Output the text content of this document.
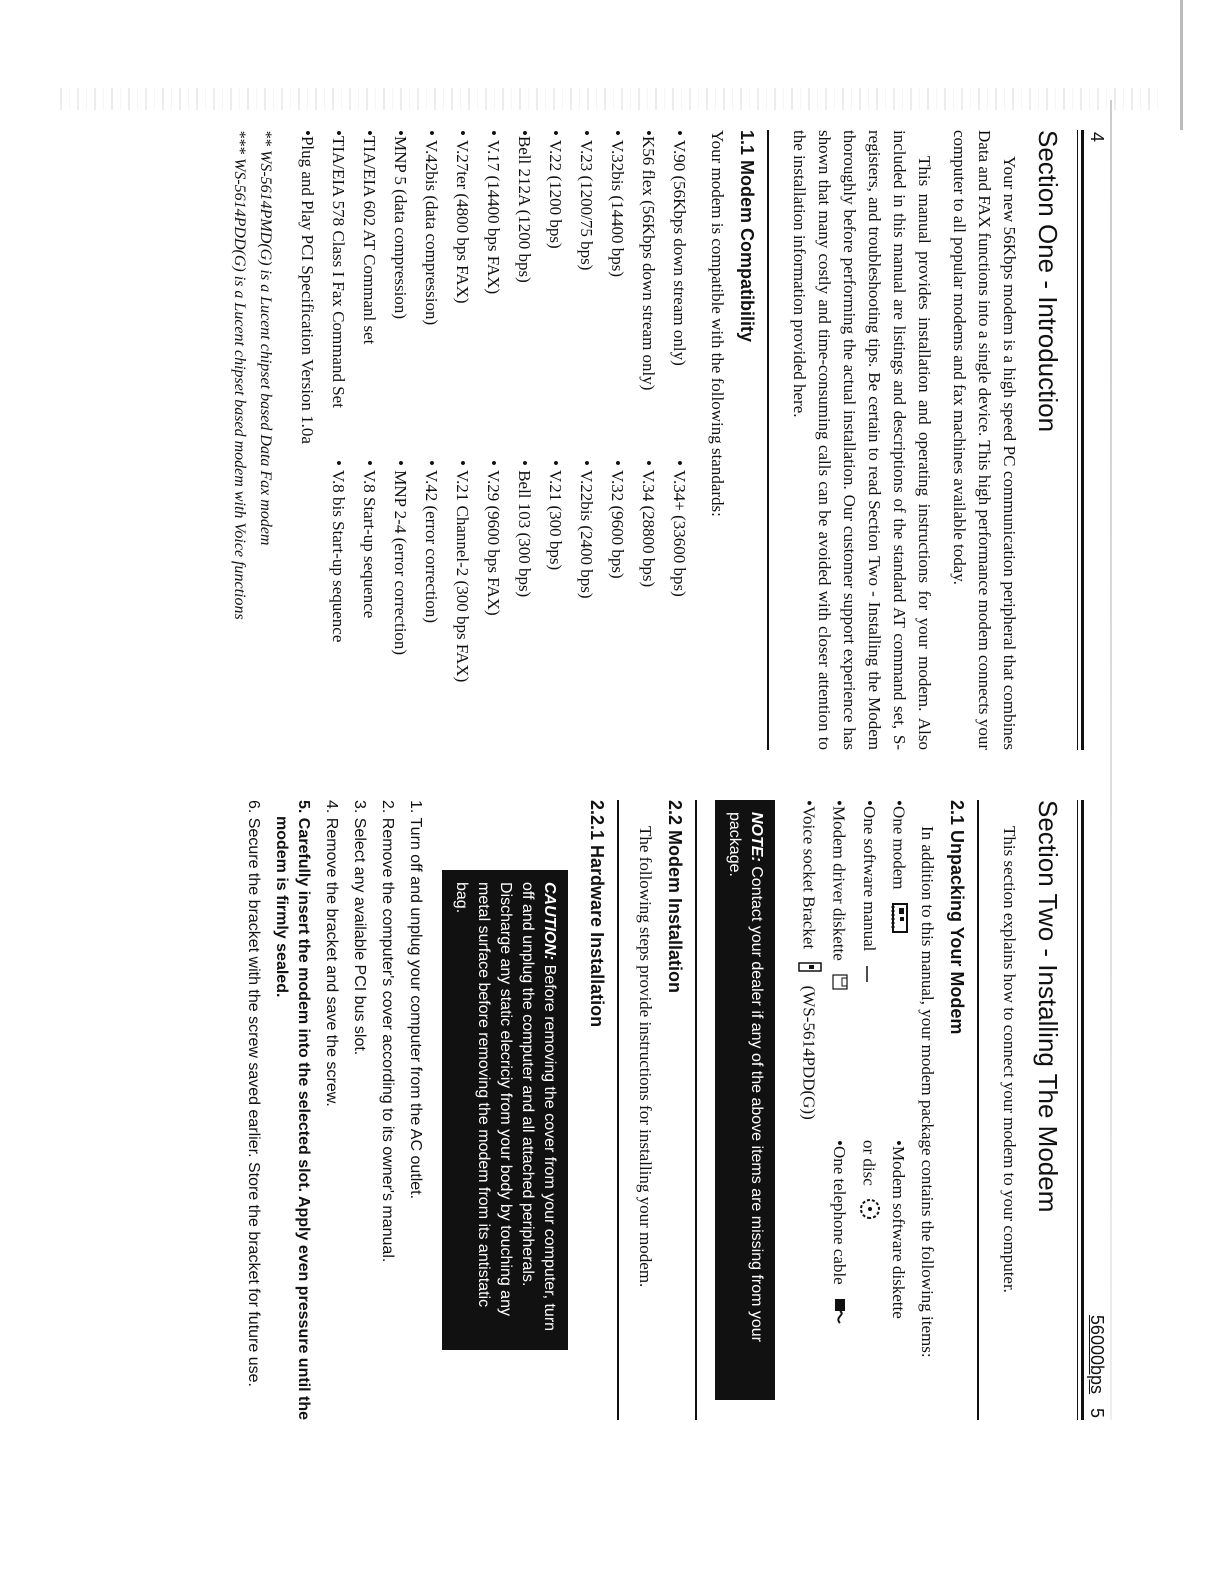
4
Section One - Introduction

Your new 56Kbps modem is a high speed PC communication peripheral that combines Data and FAX functions into a single device. This high performance modem connects your computer to all popular modems and fax machines available today.

This manual provides installation and operating instructions for your modem. Also included in this manual are listings and descriptions of the standard AT command set, S-registers, and troubleshooting tips. Be certain to read Section Two - Installing the Modem thoroughly before performing the actual installation. Our customer support experience has shown that many costly and time-consuming calls can be avoided with closer attention to the installation information provided here.

1.1 Modem Compatibility

Your modem is compatible with the following standards:

• V.90 (56Kbps down stream only)
• V.34+ (33600 bps)
•K56 flex (56Kbps down stream only)
• V.34 (28800 bps)
• V.32bis (14400 bps)
• V.32 (9600 bps)
• V.23 (1200/75 bps)
• V.22bis (2400 bps)
• V.22 (1200 bps)
• V.21 (300 bps)
•Bell 212A (1200 bps)
• Bell 103 (300 bps)
• V.17 (14400 bps FAX)
• V.29 (9600 bps FAX)
• V.27ter (4800 bps FAX)
• V.21 Channel-2 (300 bps FAX)
• V.42bis (data compression)
• V.42 (error correction)
•MNP 5 (data compression)
• MNP 2-4 (error correction)
•TIA/EIA 602 AT Commanl set
• V.8 Start-up sequence
•TIA/EIA 578 Class I Fax Command Set
• V.8 bis Start-up sequence
•Plug and Play PCI Specification Version 1.0a
** WS-5614PMD(G) is a Lucent chipset based Data Fax modem
*** WS-5614PDD(G) is a Lucent chipset based modem with Voice functions
56000bps
5
Section Two - Installing The Modem

This section explains how to connect your modem to your computer.

2.1 Unpacking Your Modem

In addition to this manual, your modem package contains the following items:

•One modem
•Modem software diskette
•One software manual
or disc
•Modem driver diskette
•One telephone cable
•Voice socket Bracket  (WS-5614PDD(G))
NOTE: Contact your dealer if any of the above items are missing from your package.
2.2 Modem Installation

The following steps provide instructions for installing your modem.

2.2.1 Hardware Installation
CAUTION: Before removing the cover from your computer, turn off and unplug the computer and all attached peripherals. Discharge any static elecriciy from your body by touching any metal surface before removing the modem from its antistatic bag.
1. Turn off and unplug your computer from the AC outlet.
2. Remove the computer's cover according to its owner's manual.
3. Select any available PCI bus slot.
4. Remove the bracket and save the screw.
5. Carefully insert the modem into the selected slot. Apply even pressure until the modem is firmly sealed.
6. Secure the bracket with the screw saved earlier. Store the bracket for future use.
